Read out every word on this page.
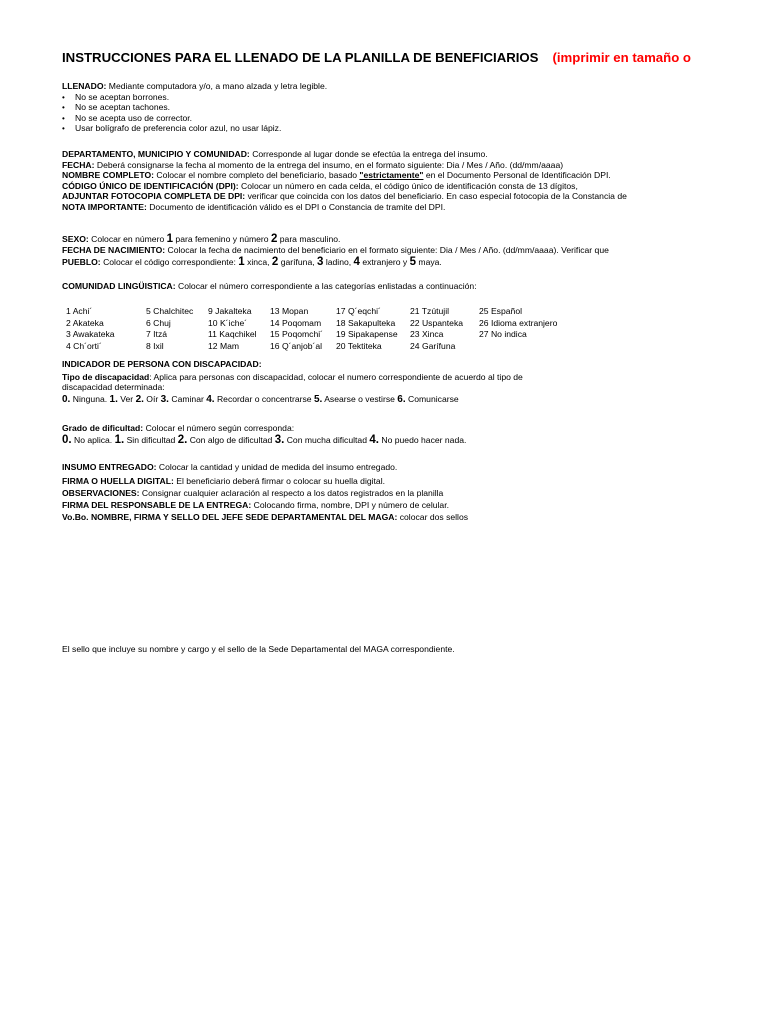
INSTRUCCIONES PARA EL LLENADO DE LA PLANILLA DE BENEFICIARIOS (imprimir en tamaño o
LLENADO: Mediante computadora y/o, a mano alzada y letra legible.
• No se aceptan borrones.
• No se aceptan tachones.
• No se acepta uso de corrector.
• Usar bolígrafo de preferencia color azul, no usar lápiz.
DEPARTAMENTO, MUNICIPIO Y COMUNIDAD: Corresponde al lugar donde se efectúa la entrega del insumo.
FECHA: Deberá consignarse la fecha al momento de la entrega del insumo, en el formato siguiente: Dia / Mes / Año. (dd/mm/aaaa)
NOMBRE COMPLETO: Colocar el nombre completo del beneficiario, basado "estrictamente" en el Documento Personal de Identificación DPI.
CÓDIGO ÚNICO DE IDENTIFICACIÓN (DPI): Colocar un número en cada celda, el código único de identificación consta de 13 dígitos,
ADJUNTAR FOTOCOPIA COMPLETA DE DPI: verificar que coincida con los datos del beneficiario. En caso especial fotocopia de la Constancia de
NOTA IMPORTANTE: Documento de identificación válido es el DPI o Constancia de tramite del DPI.
SEXO: Colocar en número 1 para femenino y número 2 para masculino.
FECHA DE NACIMIENTO: Colocar la fecha de nacimiento del beneficiario en el formato siguiente: Dia / Mes / Año. (dd/mm/aaaa). Verificar que
PUEBLO: Colocar el código correspondiente: 1 xinca, 2 garífuna, 3 ladino, 4 extranjero y 5 maya.
COMUNIDAD LINGÜISTICA: Colocar el número correspondiente a las categorías enlistadas a continuación:
1 Achi´
2 Akateka
3 Awakateka
4 Ch´orti´
5 Chalchitec
6 Chuj
7 Itzá
8 Ixil
9 Jakalteka
10 K´iche´
11 Kaqchikel
12 Mam
13 Mopan
14 Poqomam
15 Poqomchi´
16 Q´anjob´al
17 Q´eqchi´
18 Sakapulteka
19 Sipakapense
20 Tektiteka
21 Tzútujil
22 Uspanteka
23 Xinca
24 Garífuna
25 Español
26 Idioma extranjero
27 No indica
INDICADOR DE PERSONA CON DISCAPACIDAD:
Tipo de discapacidad: Aplica para personas con discapacidad, colocar el numero correspondiente de acuerdo al tipo de
discapacidad determinada:
0. Ninguna. 1. Ver 2. Oír 3. Caminar 4. Recordar o concentrarse 5. Asearse o vestirse 6. Comunicarse
Grado de dificultad: Colocar el número según corresponda:
0. No aplica. 1. Sin dificultad 2. Con algo de dificultad 3. Con mucha dificultad 4. No puedo hacer nada.
INSUMO ENTREGADO: Colocar la cantidad y unidad de medida del insumo entregado.
FIRMA O HUELLA DIGITAL: El beneficiario deberá firmar o colocar su huella digital.
OBSERVACIONES: Consignar cualquier aclaración al respecto a los datos registrados en la planilla
FIRMA DEL RESPONSABLE DE LA ENTREGA: Colocando firma, nombre, DPI y número de celular.
Vo.Bo. NOMBRE, FIRMA Y SELLO DEL JEFE SEDE DEPARTAMENTAL DEL MAGA: colocar dos sellos
El sello que incluye su nombre y cargo y el sello de la Sede Departamental del MAGA correspondiente.
